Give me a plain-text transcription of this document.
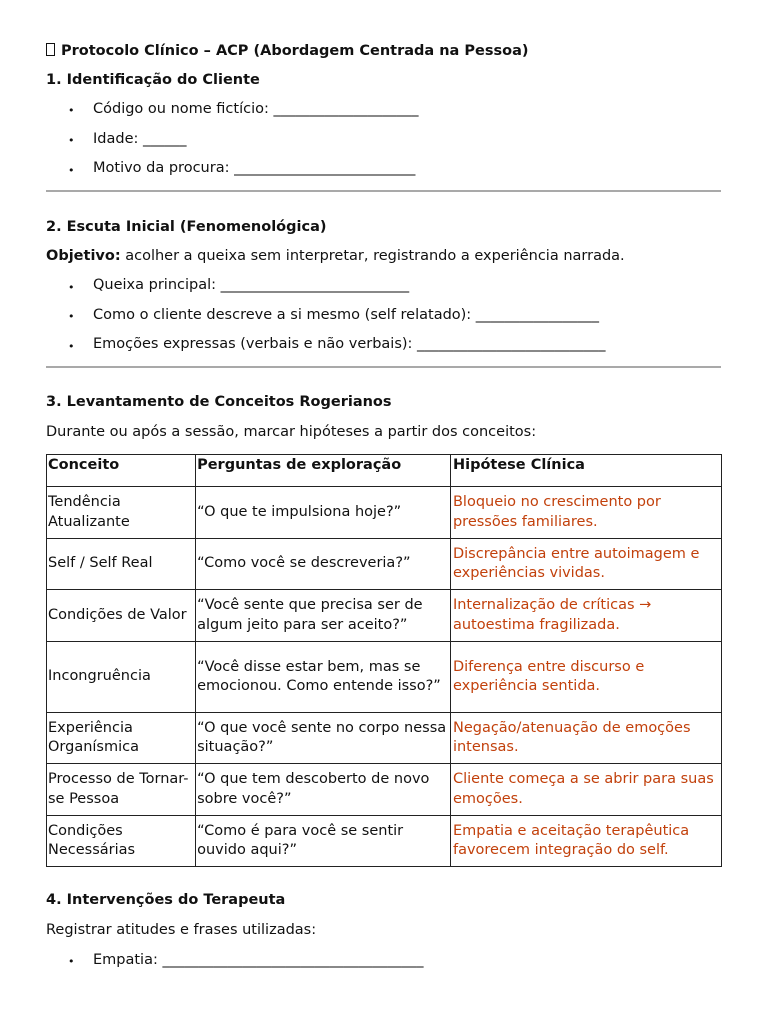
Protocolo Clínico – ACP (Abordagem Centrada na Pessoa)
1. Identificação do Cliente
• Código ou nome fictício: ____________________
• Idade: ______
• Motivo da procura: _________________________
2. Escuta Inicial (Fenomenológica)
Objetivo: acolher a queixa sem interpretar, registrando a experiência narrada.
• Queixa principal: __________________________
• Como o cliente descreve a si mesmo (self relatado): _________________
• Emoções expressas (verbais e não verbais): __________________________
3. Levantamento de Conceitos Rogerianos
Durante ou após a sessão, marcar hipóteses a partir dos conceitos:
Conceito	Perguntas de exploração	Hipótese Clínica
Tendência Atualizante	“O que te impulsiona hoje?”	Bloqueio no crescimento por pressões familiares.
Self / Self Real	“Como você se descreveria?”	Discrepância entre autoimagem e experiências vividas.
Condições de Valor	“Você sente que precisa ser de algum jeito para ser aceito?”	Internalização de críticas → autoestima fragilizada.
Incongruência	“Você disse estar bem, mas se emocionou. Como entende isso?”	Diferença entre discurso e experiência sentida.
Experiência Organísmica	“O que você sente no corpo nessa situação?”	Negação/atenuação de emoções intensas.
Processo de Tornar-se Pessoa	“O que tem descoberto de novo sobre você?”	Cliente começa a se abrir para suas emoções.
Condições Necessárias	“Como é para você se sentir ouvido aqui?”	Empatia e aceitação terapêutica favorecem integração do self.
4. Intervenções do Terapeuta
Registrar atitudes e frases utilizadas:
• Empatia: ____________________________________
